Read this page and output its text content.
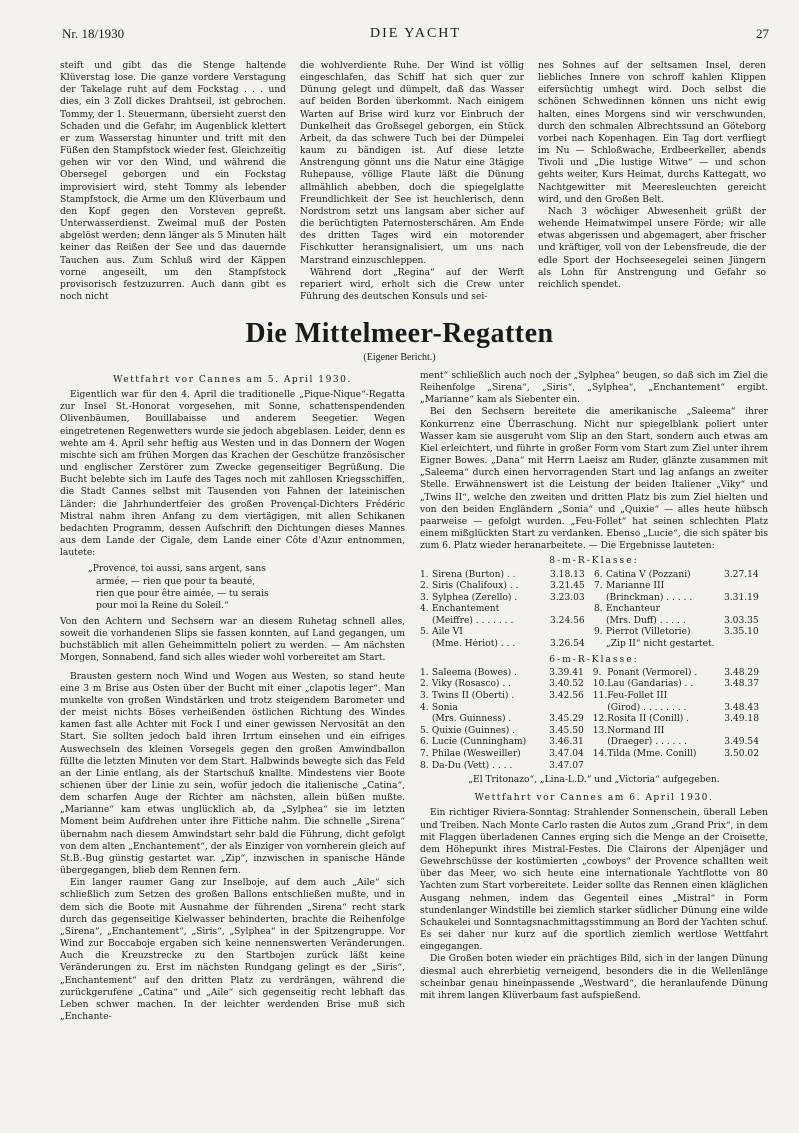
Nr. 18/1930	DIE YACHT	27

steift und gibt das die Stenge haltende Klüverstag lose. Die ganze vordere Verstagung der Takelage ruht auf dem Fockstag . . . und dies, ein 3 Zoll dickes Drahtseil, ist gebrochen. Tommy, der 1. Steuermann, übersieht zuerst den Schaden und die Gefahr, im Augenblick klettert er zum Wasserstag hinunter und tritt mit den Füßen den Stampfstock wieder fest. Gleichzeitig gehen wir vor den Wind, und während die Obersegel geborgen und ein Fockstag improvisiert wird, steht Tommy als lebender Stampfstock, die Arme um den Klüverbaum und den Kopf gegen den Vorsteven gepreßt. Unterwasserdienst. Zweimal muß der Posten abgelöst werden; denn länger als 5 Minuten hält keiner das Reißen der See und das dauernde Tauchen aus. Zum Schluß wird der Käppen vorne angeseilt, um den Stampfstock provisorisch festzuzurren. Auch dann gibt es noch nicht

die wohlverdiente Ruhe. Der Wind ist völlig eingeschlafen, das Schiff hat sich quer zur Dünung gelegt und dümpelt, daß das Wasser auf beiden Borden überkommt. Nach einigem Warten auf Brise wird kurz vor Einbruch der Dunkelheit das Großsegel geborgen, ein Stück Arbeit, da das schwere Tuch bei der Dümpelei kaum zu bändigen ist. Auf diese letzte Anstrengung gönnt uns die Natur eine 3tägige Ruhepause, völlige Flaute läßt die Dünung allmählich abebben, doch die spiegelglatte Freundlichkeit der See ist heuchlerisch, denn Nordstrom setzt uns langsam aber sicher auf die berüchtigten Paternosterschären. Am Ende des dritten Tages wird ein motorender Fischkutter heransignalisiert, um uns nach Marstrand einzuschleppen.

Während dort „Regina“ auf der Werft repariert wird, erholt sich die Crew unter Führung des deutschen Konsuls und sei-

nes Sohnes auf der seltsamen Insel, deren liebliches Innere von schroff kahlen Klippen eifersüchtig umhegt wird. Doch selbst die schönen Schwedinnen können uns nicht ewig halten, eines Morgens sind wir verschwunden, durch den schmalen Albrechtssund an Göteborg vorbei nach Kopenhagen. Ein Tag dort verfliegt im Nu — Schloßwache, Erdbeerkeller, abends Tivoli und „Die lustige Witwe“ — und schon gehts weiter, Kurs Heimat, durchs Kattegatt, wo Nachtgewitter mit Meeresleuchten gereicht wird, und den Großen Belt.

Nach 3 wöchiger Abwesenheit grüßt der wehende Heimatwimpel unsere Förde; wir alle etwas abgerissen und abgemagert, aber frischer und kräftiger, voll von der Lebensfreude, die der edle Sport der Hochseesegelei seinen Jüngern als Lohn für Anstrengung und Gefahr so reichlich spendet.

Die Mittelmeer-Regatten
(Eigener Bericht.)

Wettfahrt vor Cannes am 5. April 1930.

Eigentlich war für den 4. April die traditionelle „Pique-Nique“-Regatta zur Insel St.-Honorat vorgesehen, mit Sonne, schattenspendenden Olivenbäumen, Bouillabaisse und anderem Seegetier. Wegen eingetretenen Regenwetters wurde sie jedoch abgeblasen. Leider, denn es wehte am 4. April sehr heftig aus Westen und in das Donnern der Wogen mischte sich am frühen Morgen das Krachen der Geschütze französischer und englischer Zerstörer zum Zwecke gegenseitiger Begrüßung. Die Bucht belebte sich im Laufe des Tages noch mit zahllosen Kriegsschiffen, die Stadt Cannes selbst mit Tausenden von Fahnen der lateinischen Länder: die Jahrhundertfeier des großen Provençal-Dichters Frédéric Mistral nahm ihren Anfang zu dem viertägigen, mit allen Schikanen bedachten Programm, dessen Aufschrift den Dichtungen dieses Mannes aus dem Lande der Cigale, dem Lande einer Côte d'Azur entnommen, lautete:

„Provence, toi aussi, sans argent, sans
armée, — rien que pour ta beauté,
rien que pour être aimée, — tu serais
pour moi la Reine du Soleil.“

Von den Achtern und Sechsern war an diesem Ruhetag schnell alles, soweit die vorhandenen Slips sie fassen konnten, auf Land gegangen, um buchstäblich mit allen Geheimmitteln poliert zu werden. — Am nächsten Morgen, Sonnabend, fand sich alles wieder wohl vorbereitet am Start.

Brausten gestern noch Wind und Wogen aus Westen, so stand heute eine 3 m Brise aus Osten über der Bucht mit einer „clapotis leger“. Man munkelte von großen Windstärken und trotz steigendem Barometer und der meist nichts Böses verheißenden östlichen Richtung des Windes kamen fast alle Achter mit Fock I und einer gewissen Nervosität an den Start. Sie sollten jedoch bald ihren Irrtum einsehen und ein eifriges Auswechseln des kleinen Vorsegels gegen den großen Amwindballon füllte die letzten Minuten vor dem Start. Halbwinds bewegte sich das Feld an der Linie entlang, als der Startschuß knallte. Mindestens vier Boote schienen über der Linie zu sein, wofür jedoch die italienische „Catina“, dem scharfen Auge der Richter am nächsten, allein büßen mußte. „Marianne“ kam etwas unglücklich ab, da „Sylphea“ sie im letzten Moment beim Aufdrehen unter ihre Fittiche nahm. Die schnelle „Sirena“ übernahm nach diesem Amwindstart sehr bald die Führung, dicht gefolgt von dem alten „Enchantement“, der als Einziger von vornherein gleich auf St.B.-Bug günstig gestartet war. „Zip“, inzwischen in spanische Hände übergegangen, blieb dem Rennen fern.

Ein langer raumer Gang zur Inselboje, auf dem auch „Aile“ sich schließlich zum Setzen des großen Ballons entschließen mußte, und in dem sich die Boote mit Ausnahme der führenden „Sirena“ recht stark durch das gegenseitige Kielwasser behinderten, brachte die Reihenfolge „Sirena“, „Enchantement“, „Siris“, „Sylphea“ in der Spitzengruppe. Vor Wind zur Boccaboje ergaben sich keine nennenswerten Veränderungen. Auch die Kreuzstrecke zu den Startbojen zurück läßt keine Veränderungen zu. Erst im nächsten Rundgang gelingt es der „Siris“, „Enchantement“ auf den dritten Platz zu verdrängen, während die zurückgerufene „Catina“ und „Aile“ sich gegenseitig recht lebhaft das Leben schwer machen. In der leichter werdenden Brise muß sich „Enchante-

ment“ schließlich auch noch der „Sylphea“ beugen, so daß sich im Ziel die Reihenfolge „Sirena“, „Siris“, „Sylphea“, „Enchantement“ ergibt. „Marianne“ kam als Siebenter ein.

Bei den Sechsern bereitete die amerikanische „Saleema“ ihrer Konkurrenz eine Überraschung. Nicht nur spiegelblank poliert unter Wasser kam sie ausgeruht vom Slip an den Start, sondern auch etwas am Kiel erleichtert, und führte in großer Form vom Start zum Ziel unter ihrem Eigner Bowes. „Dana“ mit Herrn Laeisz am Ruder, glänzte zusammen mit „Saleema“ durch einen hervorragenden Start und lag anfangs an zweiter Stelle. Erwähnenswert ist die Leistung der beiden Italiener „Viky“ und „Twins II“, welche den zweiten und dritten Platz bis zum Ziel hielten und von den beiden Engländern „Sonia“ und „Quixie“ — alles heute hübsch paarweise — gefolgt wurden. „Feu-Follet“ hat seinen schlechten Platz einem mißglückten Start zu verdanken. Ebenso „Lucie“, die sich später bis zum 6. Platz wieder heranarbeitete. — Die Ergebnisse lauteten:

8-m-R-Klasse:

1.	Sirena (Burton) . .	3.18.13	6.	Catina V (Pozzani)	3.27.14
2.	Siris (Chalifoux) . .	3.21.45	7.	Marianne III	
3.	Sylphea (Zerello) .	3.23.03		(Brinckman) . . . . .	3.31.19
4.	Enchantement		8.	Enchanteur	
	(Meiffre) . . . . . . .	3.24.56		(Mrs. Duff) . . . . .	3.03.35
5.	Aile VI		9.	Pierrot (Villetorie)	3.35.10
	(Mme. Hériot) . . .	3.26.54		„Zip II“ nicht gestartet.	

6-m-R-Klasse:

1.	Saleema (Bowes) .	3.39.41	9.	Ponant (Vermorel) .	3.48.29
2.	Viky (Rosasco) . .	3.40.52	10.	Lau (Gandarias) . .	3.48.37
3.	Twins II (Oberti) .	3.42.56	11.	Feu-Follet III	
4.	Sonia			(Girod) . . . . . . . .	3.48.43
	(Mrs. Guinness) .	3.45.29	12.	Rosita II (Conill) .	3.49.18
5.	Quixie (Guinnes) .	3.45.50	13.	Normand III	
6.	Lucie (Cunningham)	3.46.31		(Draeger) . . . . . .	3.49.54
7.	Philae (Wesweiller)	3.47.04	14.	Tilda (Mme. Conill)	3.50.02
8.	Da-Du (Vett) . . . .	3.47.07			

„El Tritonazo“, „Lina-L.D.“ und „Victoria“ aufgegeben.

Wettfahrt vor Cannes am 6. April 1930.

Ein richtiger Riviera-Sonntag: Strahlender Sonnenschein, überall Leben und Treiben. Nach Monte Carlo rasten die Autos zum „Grand Prix“, in dem mit Flaggen überladenen Cannes erging sich die Menge an der Croisette, dem Höhepunkt ihres Mistral-Festes. Die Clairons der Alpenjäger und Gewehrschüsse der kostümierten „cowboys“ der Provence schallten weit über das Meer, wo sich heute eine internationale Yachtflotte von 80 Yachten zum Start vorbereitete. Leider sollte das Rennen einen kläglichen Ausgang nehmen, indem das Gegenteil eines „Mistral“ in Form stundenlanger Windstille bei ziemlich starker südlicher Dünung eine wilde Schaukelei und Sonntagsnachmittagsstimmung an Bord der Yachten schuf. Es sei daher nur kurz auf die sportlich ziemlich wertlose Wettfahrt eingegangen.

Die Großen boten wieder ein prächtiges Bild, sich in der langen Dünung diesmal auch ehrerbietig verneigend, besonders die in die Wellenlänge scheinbar genau hineinpassende „Westward“, die heranlaufende Dünung mit ihrem langen Klüverbaum fast aufspießend.
